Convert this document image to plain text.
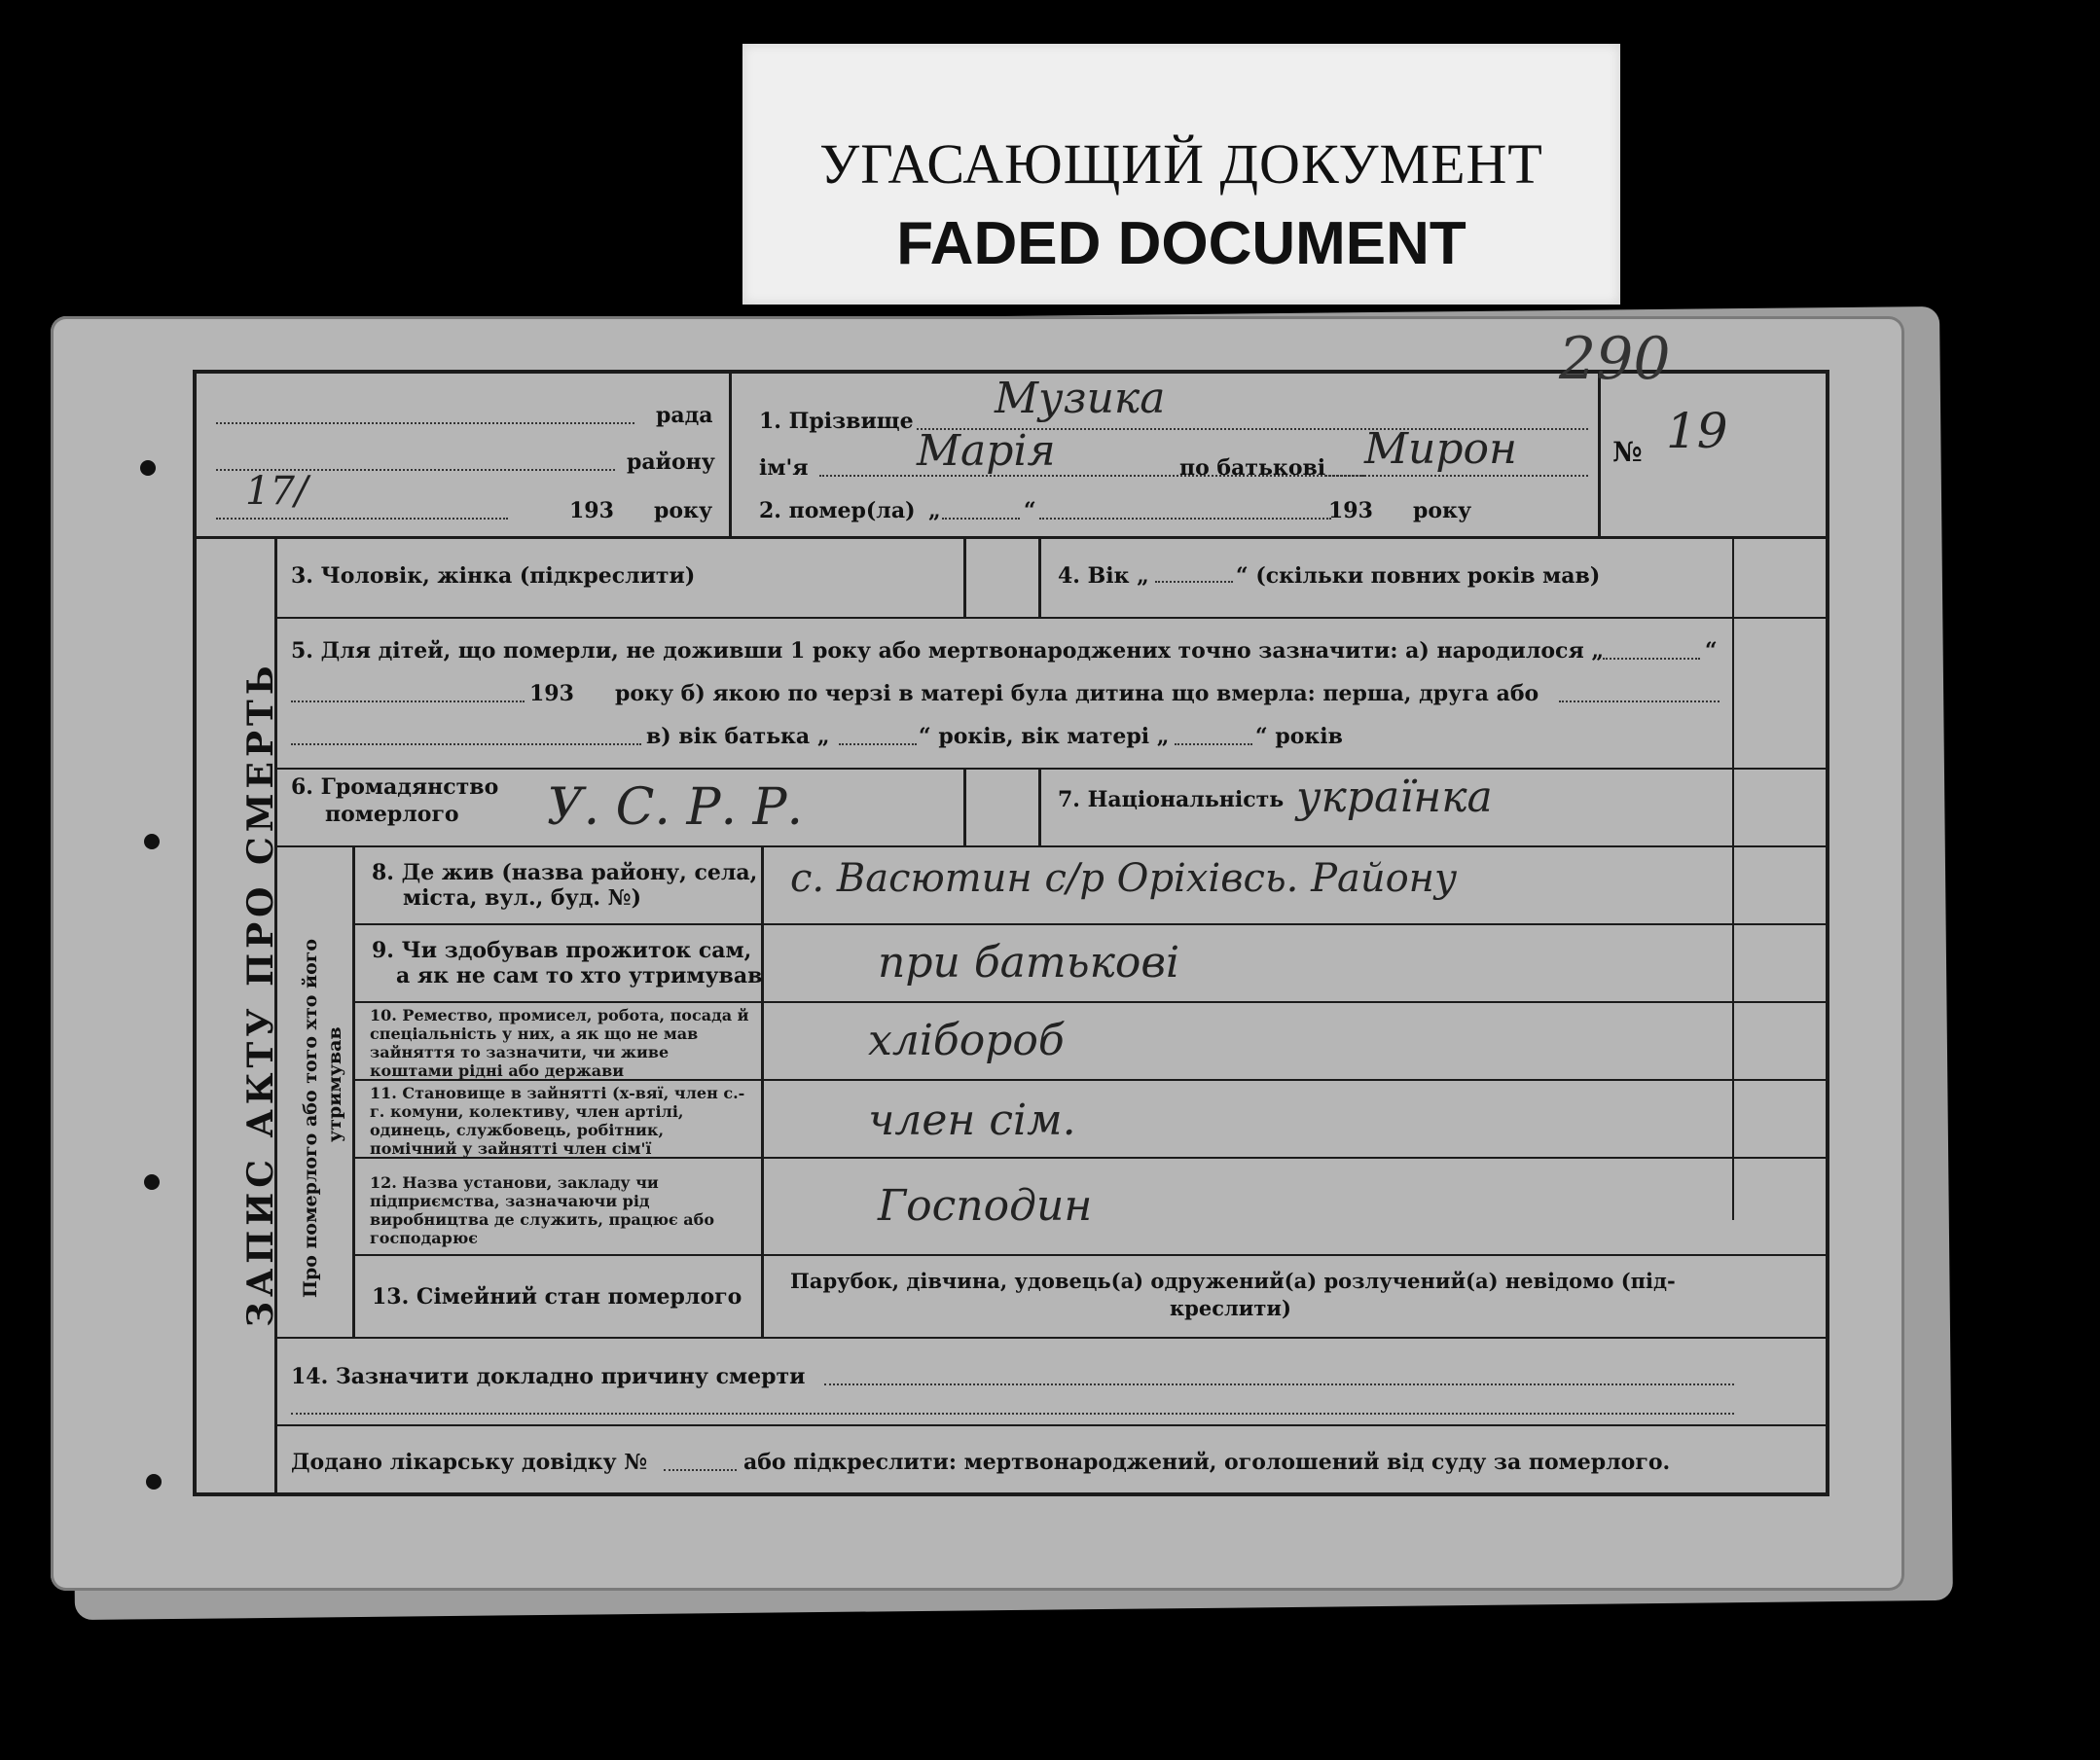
УГАСАЮЩИЙ ДОКУМЕНТ
FADED DOCUMENT
ЗАПИС АКТУ ПРО СМЕРТЬ Про померлого або того хто його утримував
рада
району
17/	193 року
1. Прізвище Музика
ім'я	Марія	по батькові Мирон
2. помер(ла) „	“	193 року
№ 19
290
3. Чоловік, жінка (підкреслити)	4. Вік „	“ (скільки повних років мав)
5. Для дітей, що померли, не доживши 1 року або мертвонароджених точно зазначити: а) народилося „	“
193 року б) якою по черзі в матері була дитина що вмерла: перша, друга або
в) вік батька „	“ років, вік матері „	“ років
6. Громадянство
померлого У. С. Р. Р.	7. Національність українка
8. Де жив (назва району, села,
міста, вул., буд. №)	с. Васютин с/р Оріхівсь. Району
9. Чи здобував прожиток сам,
а як не сам то хто утримував	при батькові
10. Ремество, промисел, робота, посада й спеціальність у них, а як що не мав зайняття то зазначити, чи живе коштами рідні або держави
хлібороб
11. Становище в зайнятті (х-вяї, член с.-г. комуни, колективу, член артілі, одинець, службовець, робітник, помічний у зайнятті член сім'ї
член сім.
12. Назва установи, закладу чи підприємства, зазначаючи рід виробництва де служить, працює або господарює
Господин
13. Сімейний стан померлого
Парубок, дівчина, удовець(а) одружений(а) розлучений(а) невідомо (під-
креслити)
14. Зазначити докладно причину смерти
Додано лікарську довідку №	або підкреслити: мертвонароджений, оголошений від суду за померлого.
